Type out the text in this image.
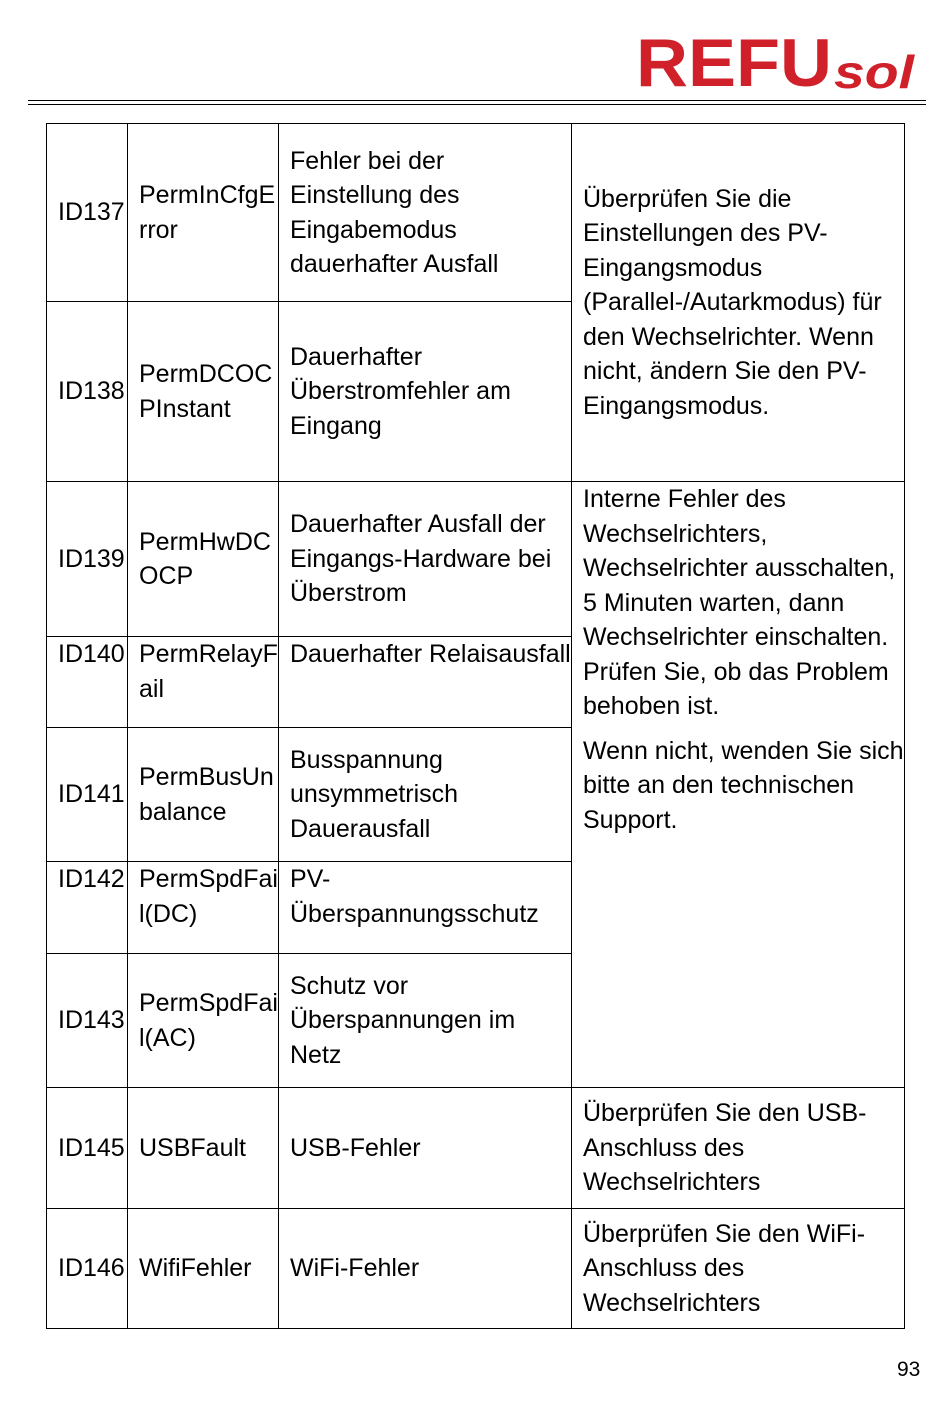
REFU sol
ID137	PermInCfgError	Fehler bei der Einstellung des Eingabemodus dauerhafter Ausfall	Überprüfen Sie die Einstellungen des PV-Eingangsmodus (Parallel-/Autarkmodus) für den Wechselrichter. Wenn nicht, ändern Sie den PV-Eingangsmodus.
ID138	PermDCOCPInstant	Dauerhafter Überstromfehler am Eingang	
ID139	PermHwDCOCP	Dauerhafter Ausfall der Eingangs-Hardware bei Überstrom	Interne Fehler des Wechselrichters, Wechselrichter ausschalten, 5 Minuten warten, dann Wechselrichter einschalten. Prüfen Sie, ob das Problem behoben ist.

Wenn nicht, wenden Sie sich bitte an den technischen Support.

ID140	PermRelayFail	Dauerhafter Relaisausfall	
ID141	PermBusUnbalance	Busspannung unsymmetrisch Dauerausfall	
ID142	PermSpdFail(DC)	PV-Überspannungsschutz	
ID143	PermSpdFail(AC)	Schutz vor Überspannungen im Netz	
ID145	USBFault	USB-Fehler	Überprüfen Sie den USB-Anschluss des Wechselrichters
ID146	WifiFehler	WiFi-Fehler	Überprüfen Sie den WiFi-Anschluss des Wechselrichters
93
